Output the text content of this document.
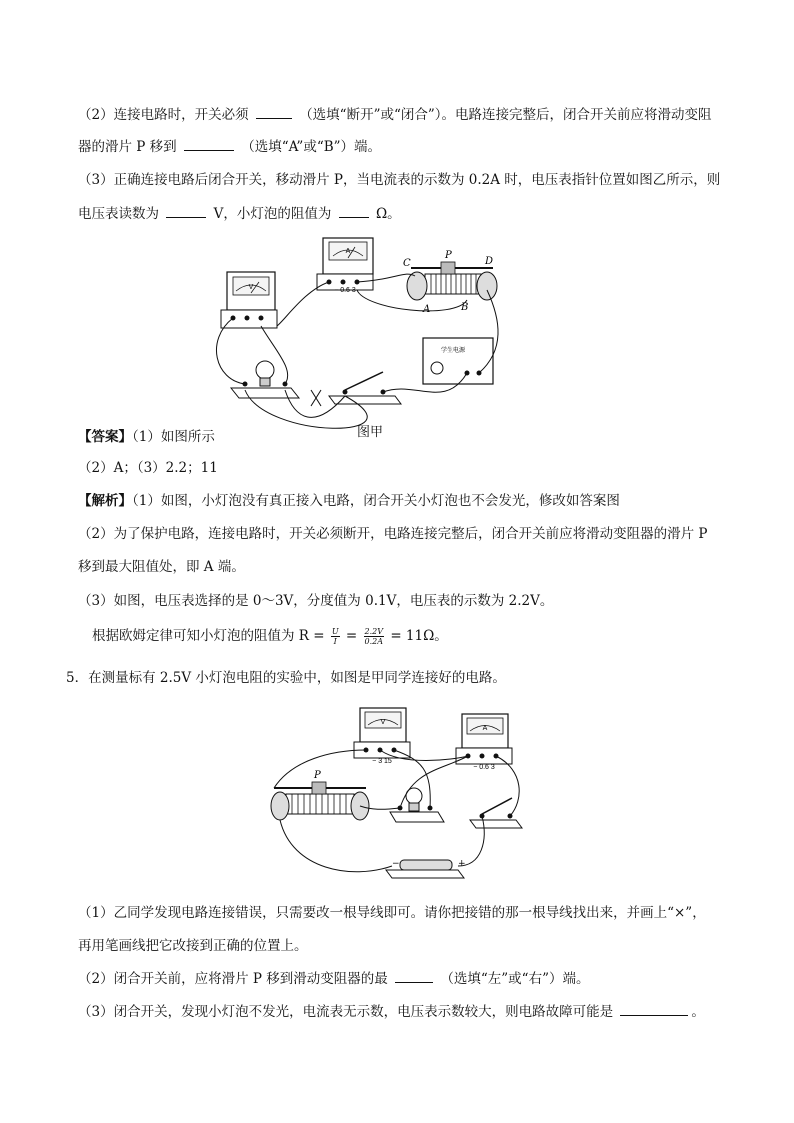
（2）连接电路时，开关必须	（选填“断开”或“闭合”）。电路连接完整后，闭合开关前应将滑动变阻
器的滑片 P 移到	（选填“A”或“B”）端。
（3）正确连接电路后闭合开关，移动滑片 P，当电流表的示数为 0.2A 时，电压表指针位置如图乙所示，则
电压表读数为	V，小灯泡的阻值为	Ω。
A
− 0.6 3
V
P
C	D
A	B
学生电源
图甲
【答案】（1）如图所示
（2）A；（3）2.2；11
【解析】（1）如图，小灯泡没有真正接入电路，闭合开关小灯泡也不会发光，修改如答案图
（2）为了保护电路，连接电路时，开关必须断开，电路连接完整后，闭合开关前应将滑动变阻器的滑片 P
移到最大阻值处，即 A 端。
（3）如图，电压表选择的是 0～3V，分度值为 0.1V，电压表的示数为 2.2V。
根据欧姆定律可知小灯泡的阻值为 $R = \frac{U}{I} = \frac{2.2V}{0.2A} = 11\Omega$。
5．在测量标有 2.5V 小灯泡电阻的实验中，如图是甲同学连接好的电路。
V
− 3 15
A
− 0.6 3
P
−	+
（1）乙同学发现电路连接错误，只需要改一根导线即可。请你把接错的那一根导线找出来，并画上“×”，
再用笔画线把它改接到正确的位置上。
（2）闭合开关前，应将滑片 P 移到滑动变阻器的最	（选填“左”或“右”）端。
（3）闭合开关，发现小灯泡不发光，电流表无示数，电压表示数较大，则电路故障可能是	。
